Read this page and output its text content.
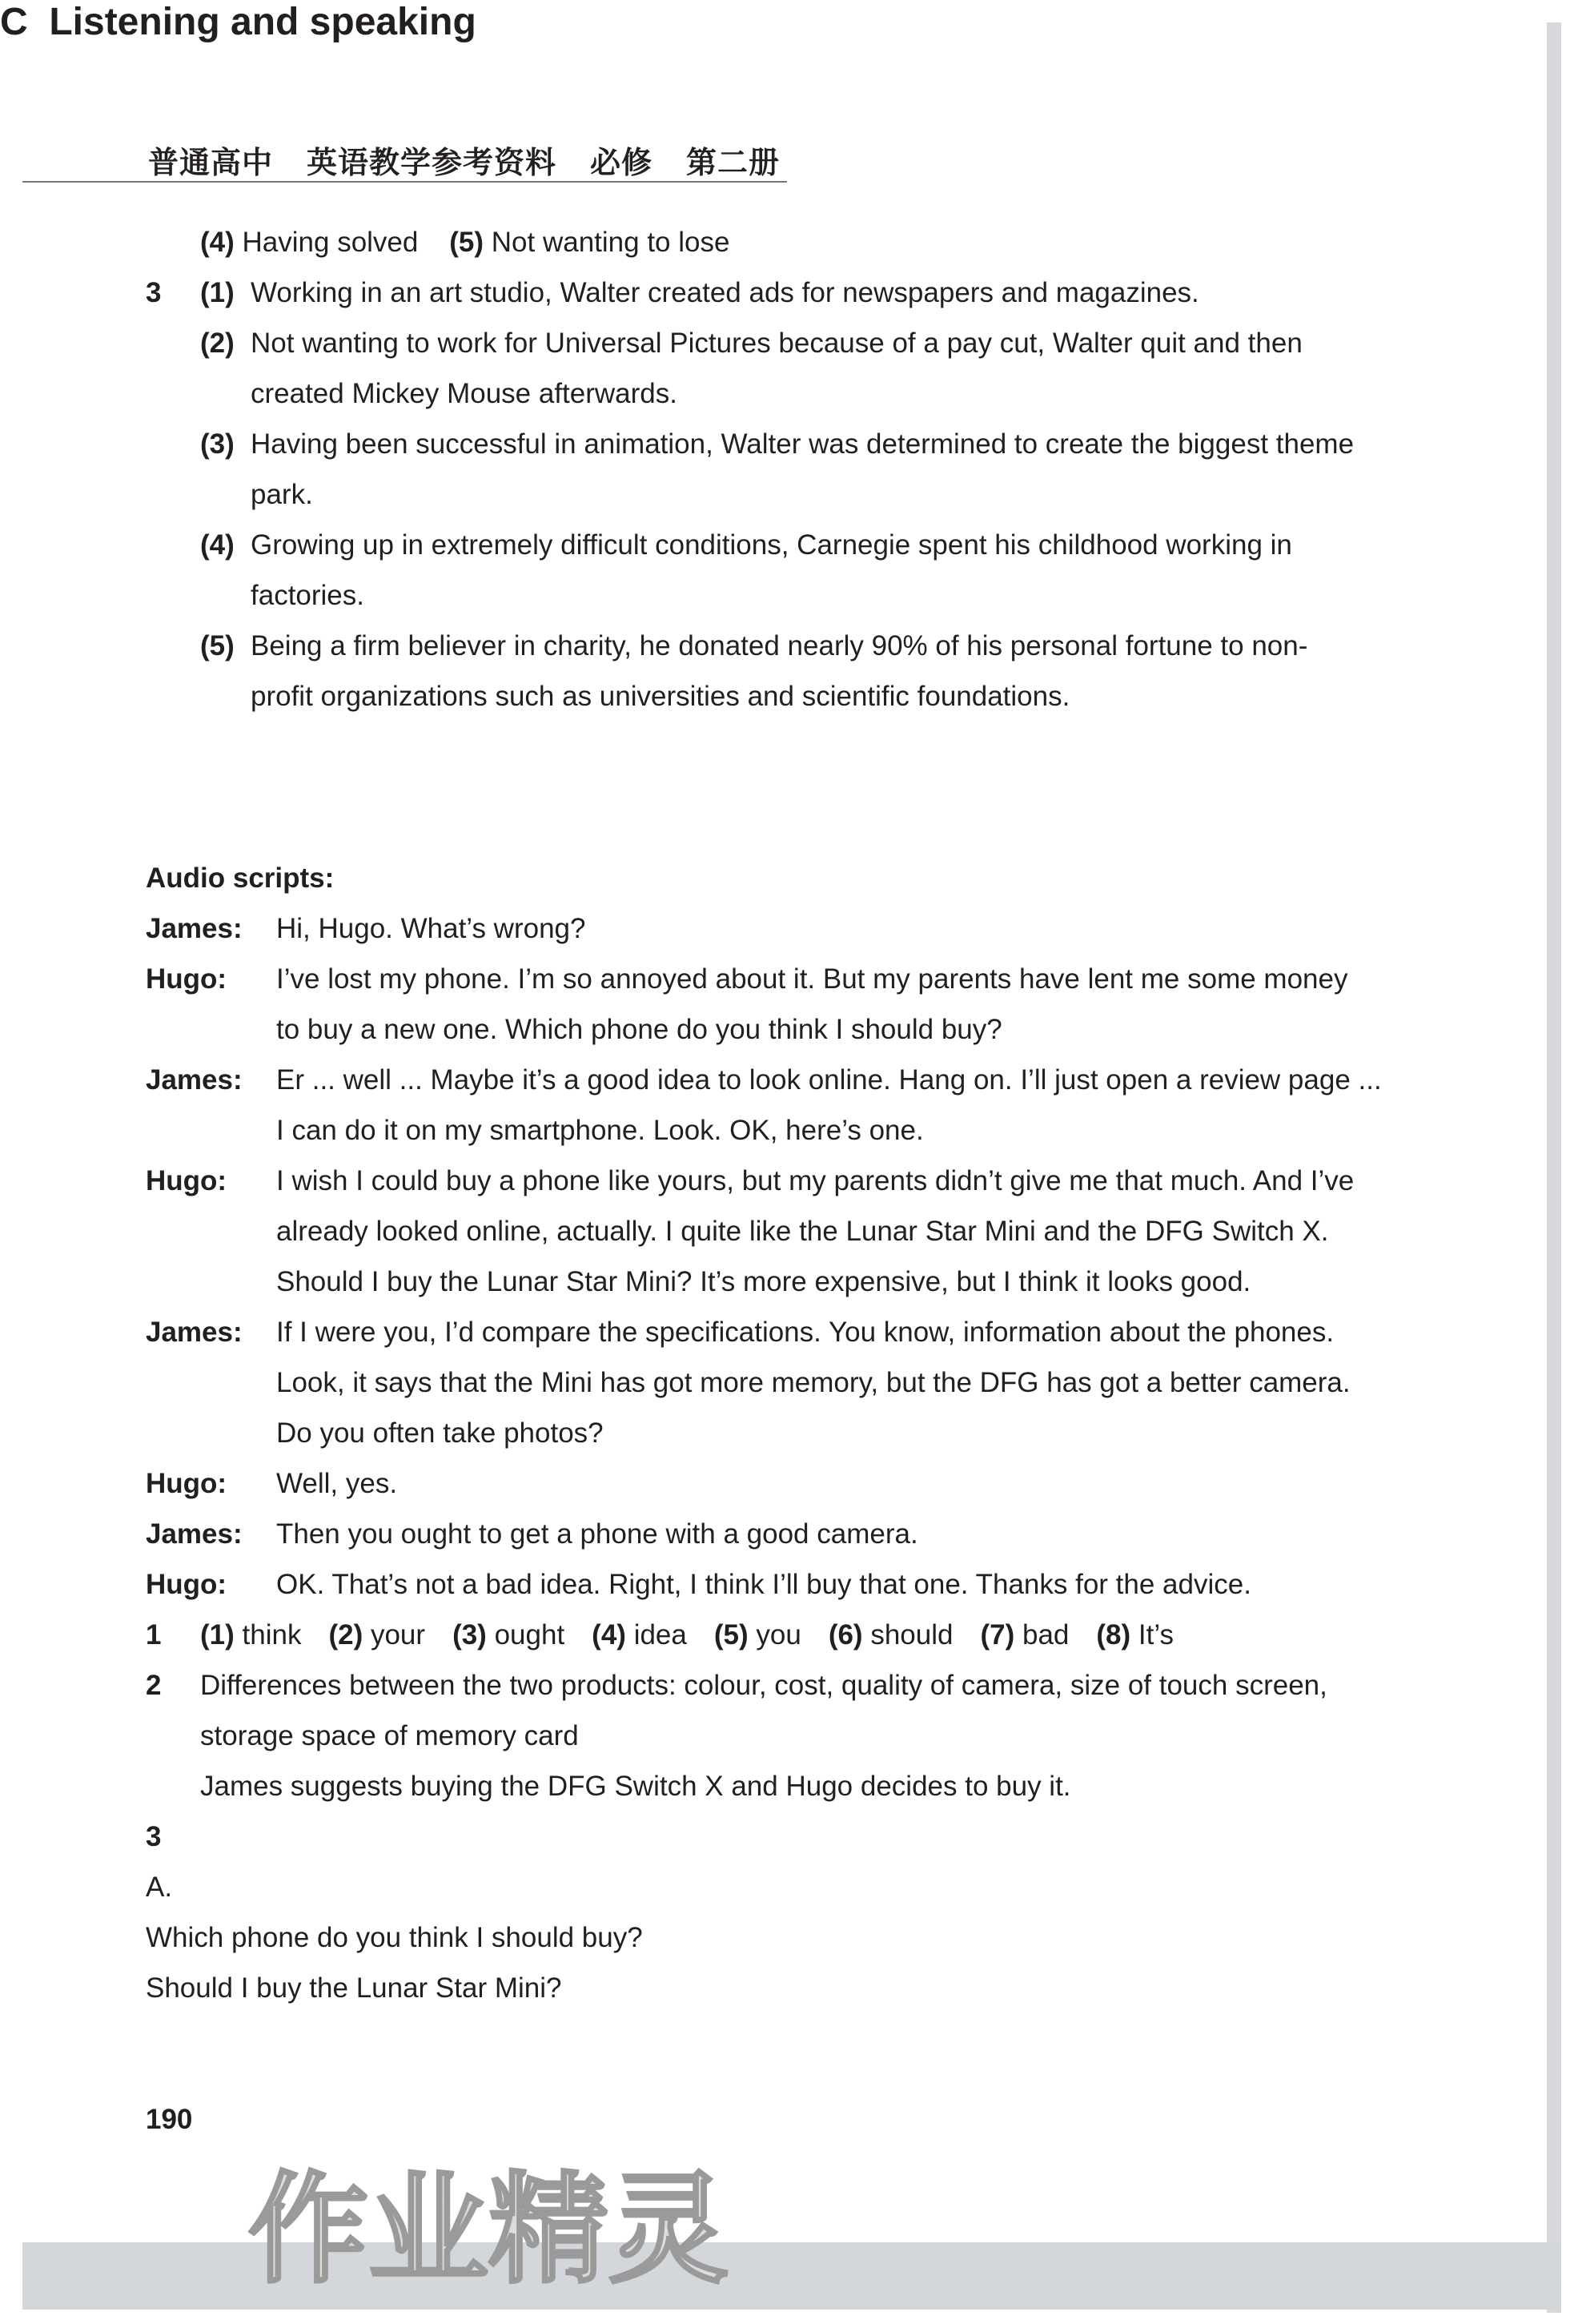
普通高中 英语教学参考资料 必修 第二册
(4) Having solved (5) Not wanting to lose
3 (1) Working in an art studio, Walter created ads for newspapers and magazines.
(2) Not wanting to work for Universal Pictures because of a pay cut, Walter quit and then
created Mickey Mouse afterwards.
(3) Having been successful in animation, Walter was determined to create the biggest theme
park.
(4) Growing up in extremely difficult conditions, Carnegie spent his childhood working in
factories.
(5) Being a firm believer in charity, he donated nearly 90% of his personal fortune to non-
profit organizations such as universities and scientific foundations.
C Listening and speaking
Audio scripts:
James: Hi, Hugo. What’s wrong?
Hugo: I’ve lost my phone. I’m so annoyed about it. But my parents have lent me some money
to buy a new one. Which phone do you think I should buy?
James: Er ... well ... Maybe it’s a good idea to look online. Hang on. I’ll just open a review page ...
I can do it on my smartphone. Look. OK, here’s one.
Hugo: I wish I could buy a phone like yours, but my parents didn’t give me that much. And I’ve
already looked online, actually. I quite like the Lunar Star Mini and the DFG Switch X.
Should I buy the Lunar Star Mini? It’s more expensive, but I think it looks good.
James: If I were you, I’d compare the specifications. You know, information about the phones.
Look, it says that the Mini has got more memory, but the DFG has got a better camera.
Do you often take photos?
Hugo: Well, yes.
James: Then you ought to get a phone with a good camera.
Hugo: OK. That’s not a bad idea. Right, I think I’ll buy that one. Thanks for the advice.
1 (1) think (2) your (3) ought (4) idea (5) you (6) should (7) bad (8) It’s
2 Differences between the two products: colour, cost, quality of camera, size of touch screen,
storage space of memory card
James suggests buying the DFG Switch X and Hugo decides to buy it.
3
A.
Which phone do you think I should buy?
Should I buy the Lunar Star Mini?
190
作业精灵
